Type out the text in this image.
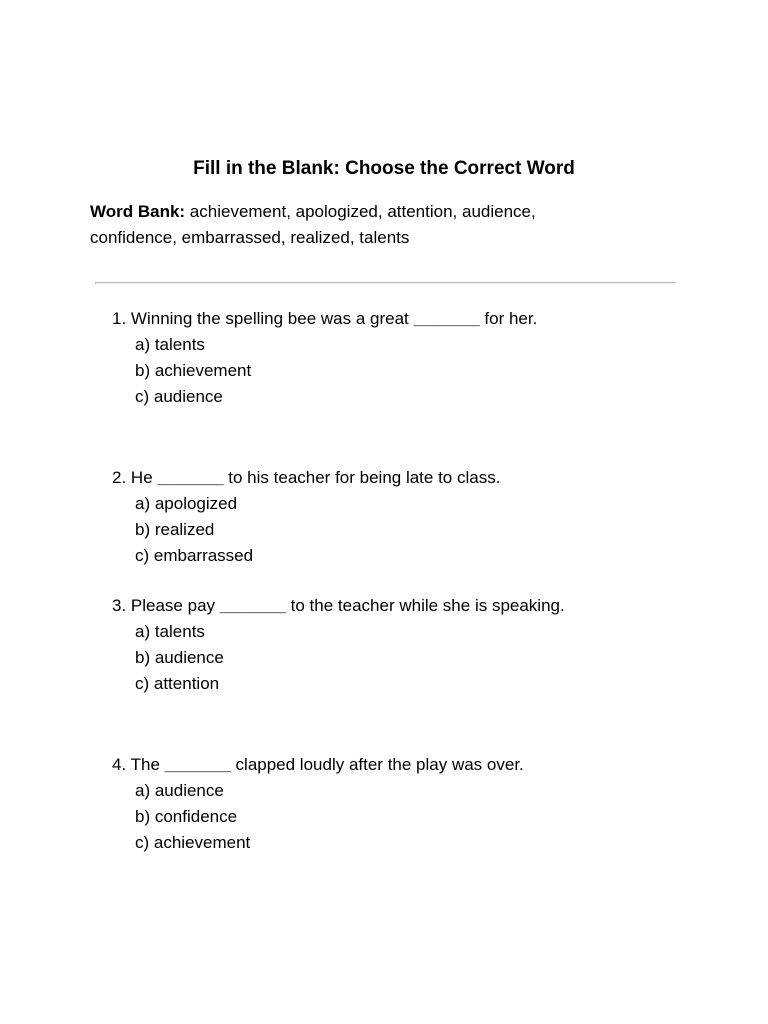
Fill in the Blank: Choose the Correct Word

Word Bank: achievement, apologized, attention, audience,
confidence, embarrassed, realized, talents

1. Winning the spelling bee was a great _______ for her.
a) talents
b) achievement
c) audience
2. He _______ to his teacher for being late to class.
a) apologized
b) realized
c) embarrassed
3. Please pay _______ to the teacher while she is speaking.
a) talents
b) audience
c) attention
4. The _______ clapped loudly after the play was over.
a) audience
b) confidence
c) achievement
